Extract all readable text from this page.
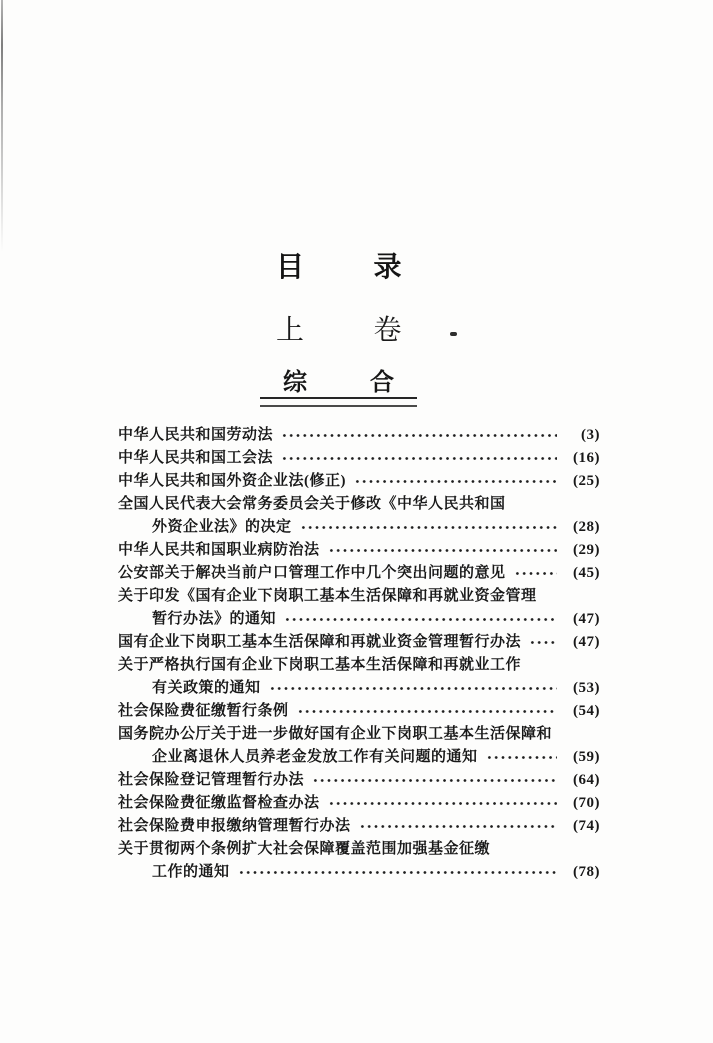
目　　录
上　　卷
综　　合
中华人民共和国劳动法	(3)
中华人民共和国工会法	(16)
中华人民共和国外资企业法(修正)	(25)
全国人民代表大会常务委员会关于修改《中华人民共和国
外资企业法》的决定	(28)
中华人民共和国职业病防治法	(29)
公安部关于解决当前户口管理工作中几个突出问题的意见	(45)
关于印发《国有企业下岗职工基本生活保障和再就业资金管理
暂行办法》的通知	(47)
国有企业下岗职工基本生活保障和再就业资金管理暂行办法	(47)
关于严格执行国有企业下岗职工基本生活保障和再就业工作
有关政策的通知	(53)
社会保险费征缴暂行条例	(54)
国务院办公厅关于进一步做好国有企业下岗职工基本生活保障和
企业离退休人员养老金发放工作有关问题的通知	(59)
社会保险登记管理暂行办法	(64)
社会保险费征缴监督检查办法	(70)
社会保险费申报缴纳管理暂行办法	(74)
关于贯彻两个条例扩大社会保障覆盖范围加强基金征缴
工作的通知	(78)
